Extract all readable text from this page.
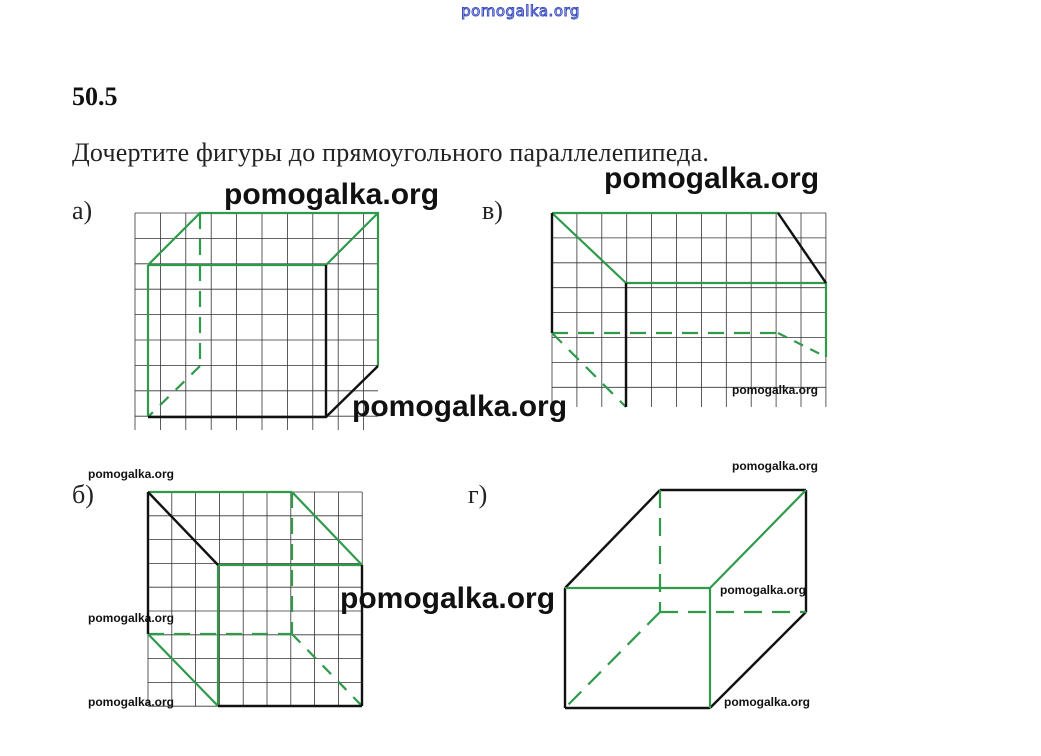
pomogalka.org
50.5
Дочертите фигуры до прямоугольного параллелепипеда.
а)	в)
б)	г)
pomogalka.org	pomogalka.org
pomogalka.org
pomogalka.org
pomogalka.org
pomogalka.org
pomogalka.org
pomogalka.org
pomogalka.org
pomogalka.org	pomogalka.org
